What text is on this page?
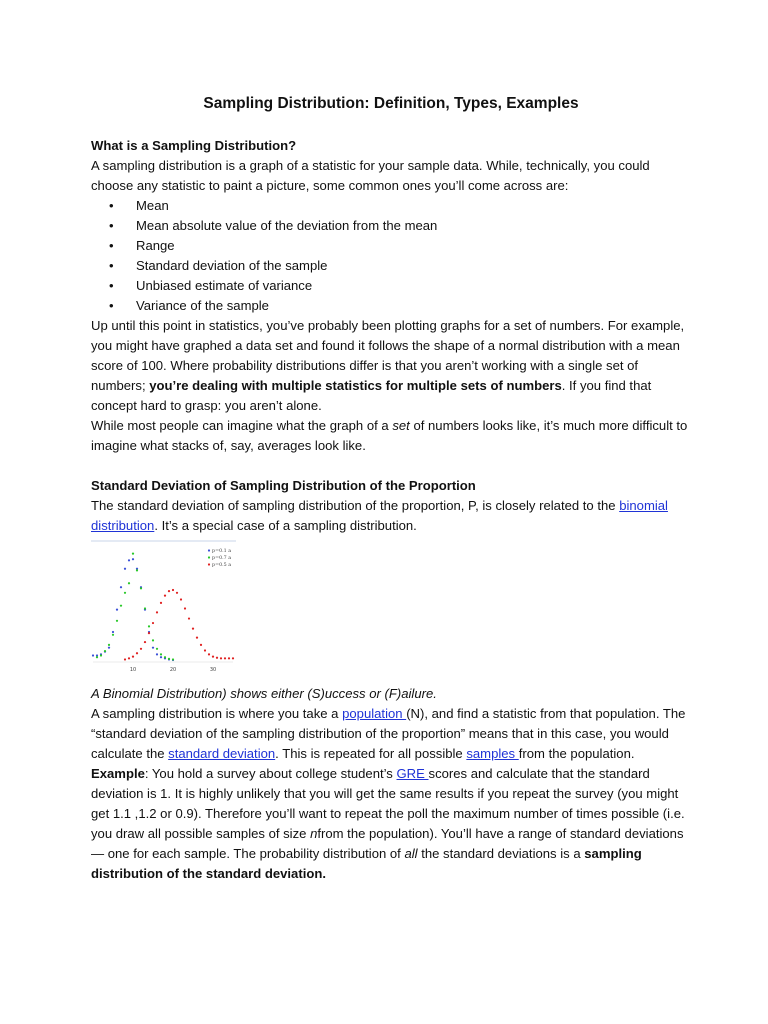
Sampling Distribution: Definition, Types, Examples

What is a Sampling Distribution?

A sampling distribution is a graph of a statistic for your sample data. While, technically, you could choose any statistic to paint a picture, some common ones you’ll come across are:

• Mean
• Mean absolute value of the deviation from the mean
• Range
• Standard deviation of the sample
• Unbiased estimate of variance
• Variance of the sample

Up until this point in statistics, you’ve probably been plotting graphs for a set of numbers. For example, you might have graphed a data set and found it follows the shape of a normal distribution with a mean score of 100. Where probability distributions differ is that you aren’t working with a single set of numbers; you’re dealing with multiple statistics for multiple sets of numbers. If you find that concept hard to grasp: you aren’t alone.

While most people can imagine what the graph of a set of numbers looks like, it’s much more difficult to imagine what stacks of, say, averages look like.

Standard Deviation of Sampling Distribution of the Proportion

The standard deviation of sampling distribution of the proportion, P, is closely related to the binomial distribution. It’s a special case of a sampling distribution.

10	20	30
p=0.1 a
p=0.7 a
p=0.5 a

A Binomial Distribution) shows either (S)uccess or (F)ailure.

A sampling distribution is where you take a population (N), and find a statistic from that population. The “standard deviation of the sampling distribution of the proportion” means that in this case, you would calculate the standard deviation. This is repeated for all possible samples from the population.

Example: You hold a survey about college student’s GRE scores and calculate that the standard deviation is 1. It is highly unlikely that you will get the same results if you repeat the survey (you might get 1.1 ,1.2 or 0.9). Therefore you’ll want to repeat the poll the maximum number of times possible (i.e. you draw all possible samples of size nfrom the population). You’ll have a range of standard deviations — one for each sample. The probability distribution of all the standard deviations is a sampling distribution of the standard deviation.
